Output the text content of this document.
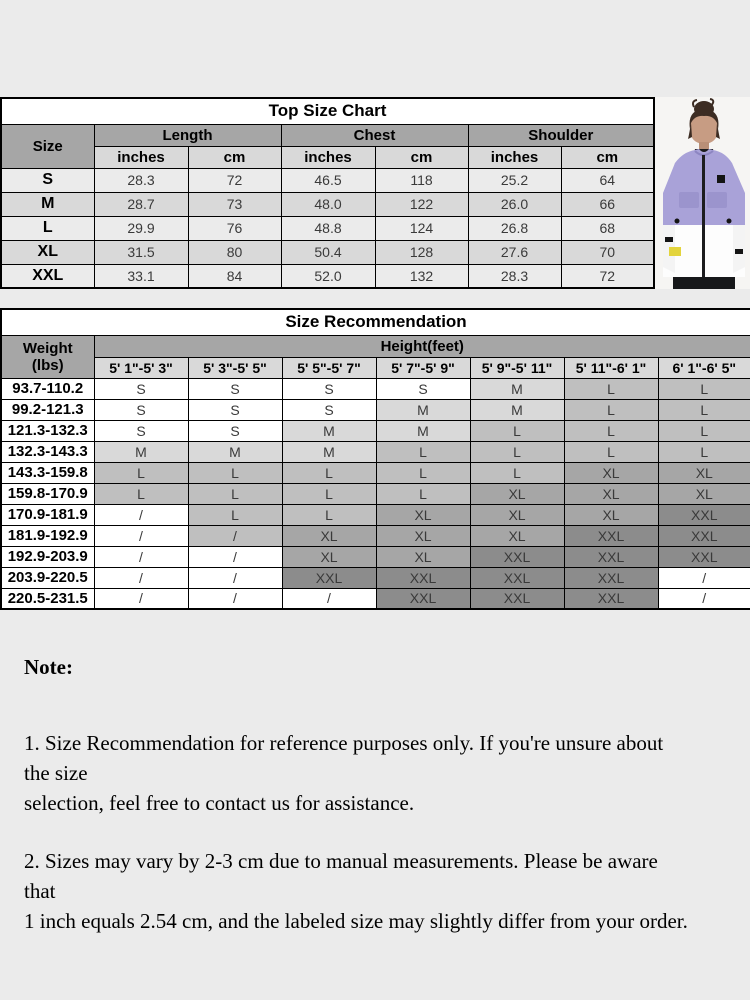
Top Size Chart						
Size	Length		Chest		Shoulder	
	inches	cm	inches	cm	inches	cm
S	28.3	72	46.5	118	25.2	64
M	28.7	73	48.0	122	26.0	66
L	29.9	76	48.8	124	26.8	68
XL	31.5	80	50.4	128	27.6	70
XXL	33.1	84	52.0	132	28.3	72
Size Recommendation							

Weight
(lbs)	Height(feet)						
	5' 1"-5' 3"	5' 3"-5' 5"	5' 5"-5' 7"	5' 7"-5' 9"	5' 9"-5' 11"	5' 11"-6' 1"	6' 1"-6' 5"
93.7-110.2	S	S	S	S	M	L	L
99.2-121.3	S	S	S	M	M	L	L
121.3-132.3	S	S	M	M	L	L	L
132.3-143.3	M	M	M	L	L	L	L
143.3-159.8	L	L	L	L	L	XL	XL
159.8-170.9	L	L	L	L	XL	XL	XL
170.9-181.9	/	L	L	XL	XL	XL	XXL
181.9-192.9	/	/	XL	XL	XL	XXL	XXL
192.9-203.9	/	/	XL	XL	XXL	XXL	XXL
203.9-220.5	/	/	XXL	XXL	XXL	XXL	/
220.5-231.5	/	/	/	XXL	XXL	XXL	/
Note:
1. Size Recommendation for reference purposes only. If you're unsure about
the size
selection, feel free to contact us for assistance.
2. Sizes may vary by 2-3 cm due to manual measurements. Please be aware
that
1 inch equals 2.54 cm, and the labeled size may slightly differ from your order.
